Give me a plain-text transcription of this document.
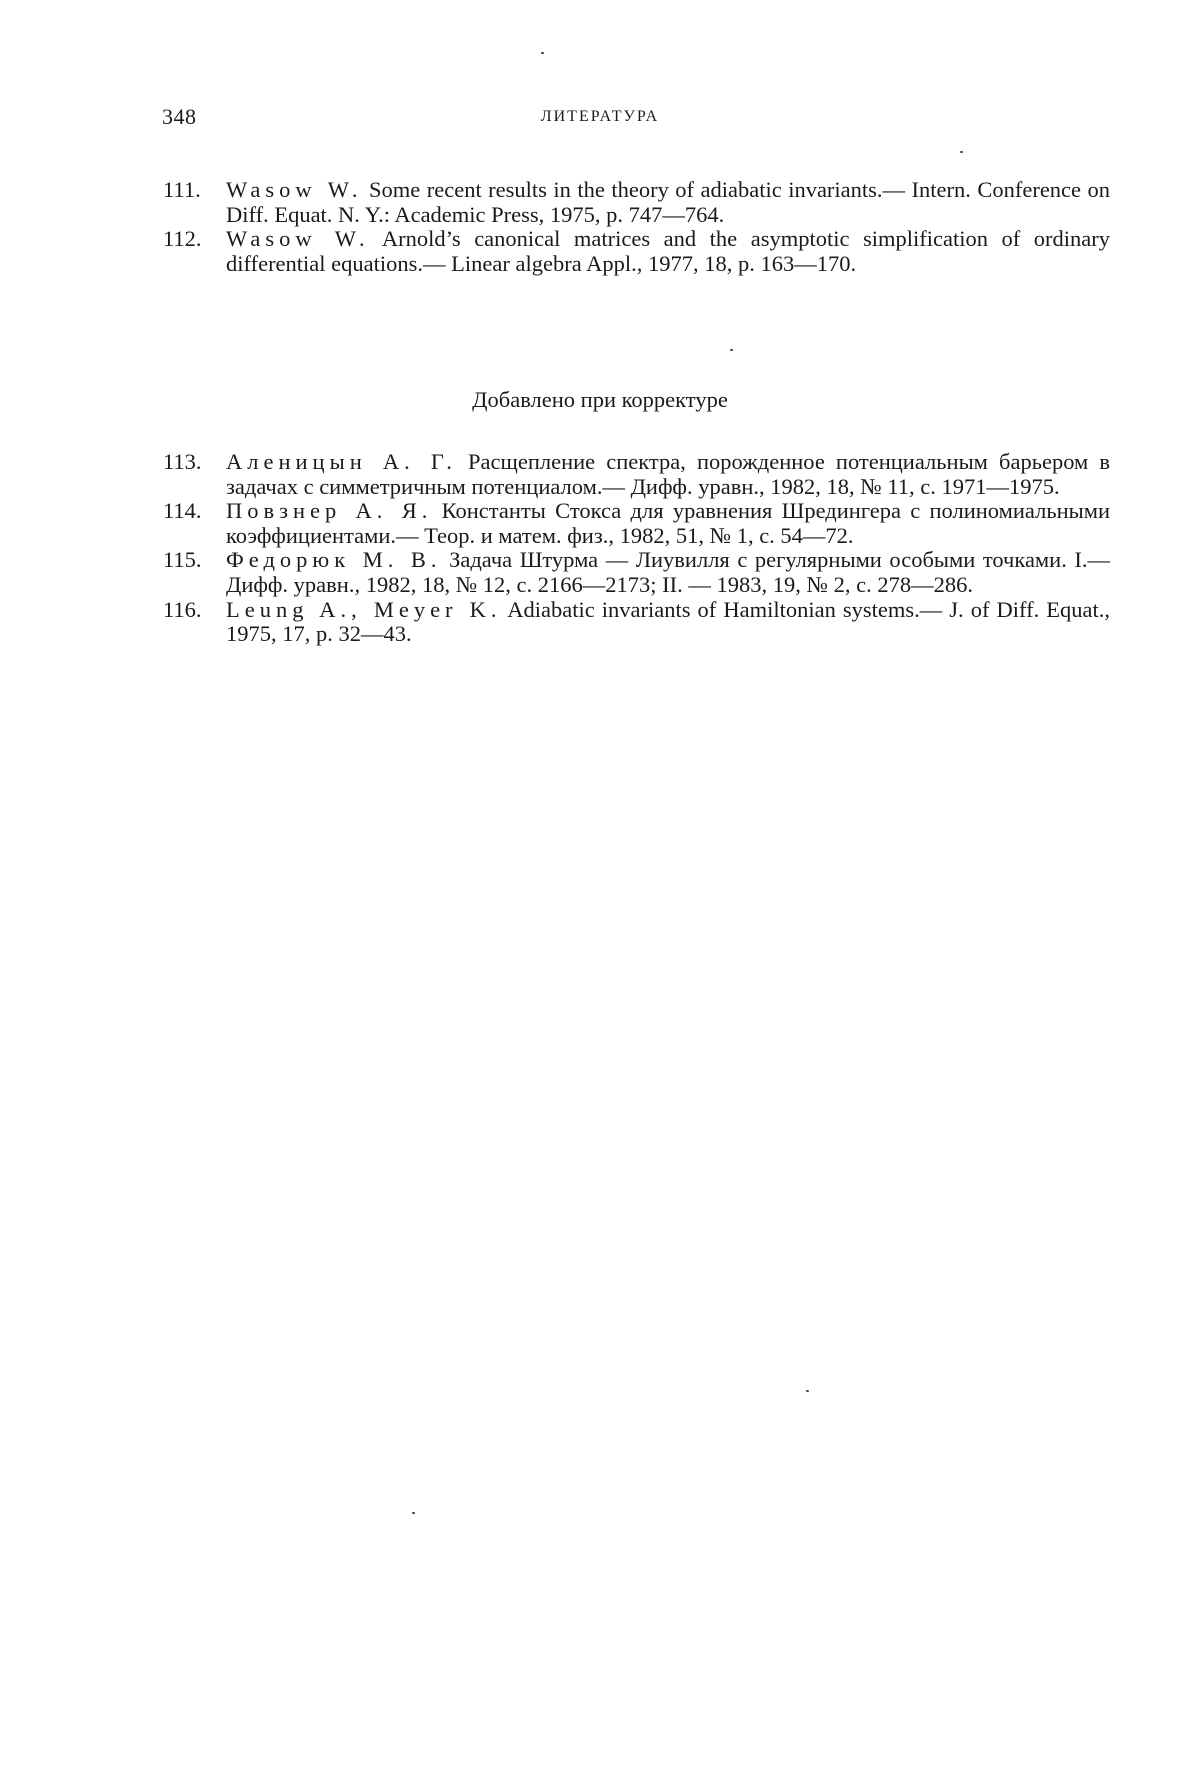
348	ЛИТЕРАТУРА
111.	Wasow W. Some recent results in the theory of adiabatic invariants.— Intern. Conference on Diff. Equat. N. Y.: Academic Press, 1975, p. 747—764.
112.	Wasow W. Arnold’s canonical matrices and the asymptotic simplification of ordinary differential equations.— Linear algebra Appl., 1977, 18, p. 163—170.
Добавлено при корректуре
113.	Аленицын А. Г. Расщепление спектра, порожденное потенциальным барьером в задачах с симметричным потенциалом.— Дифф. уравн., 1982, 18, № 11, с. 1971—1975.
114.	Повзнер А. Я. Константы Стокса для уравнения Шредингера с полиномиальными коэффициентами.— Теор. и матем. физ., 1982, 51, № 1, с. 54—72.
115.	Федорюк М. В. Задача Штурма — Лиувилля с регулярными особыми точками. I.— Дифф. уравн., 1982, 18, № 12, с. 2166—2173; II. — 1983, 19, № 2, с. 278—286.
116.	Leung A., Meyer K. Adiabatic invariants of Hamiltonian systems.— J. of Diff. Equat., 1975, 17, p. 32—43.
